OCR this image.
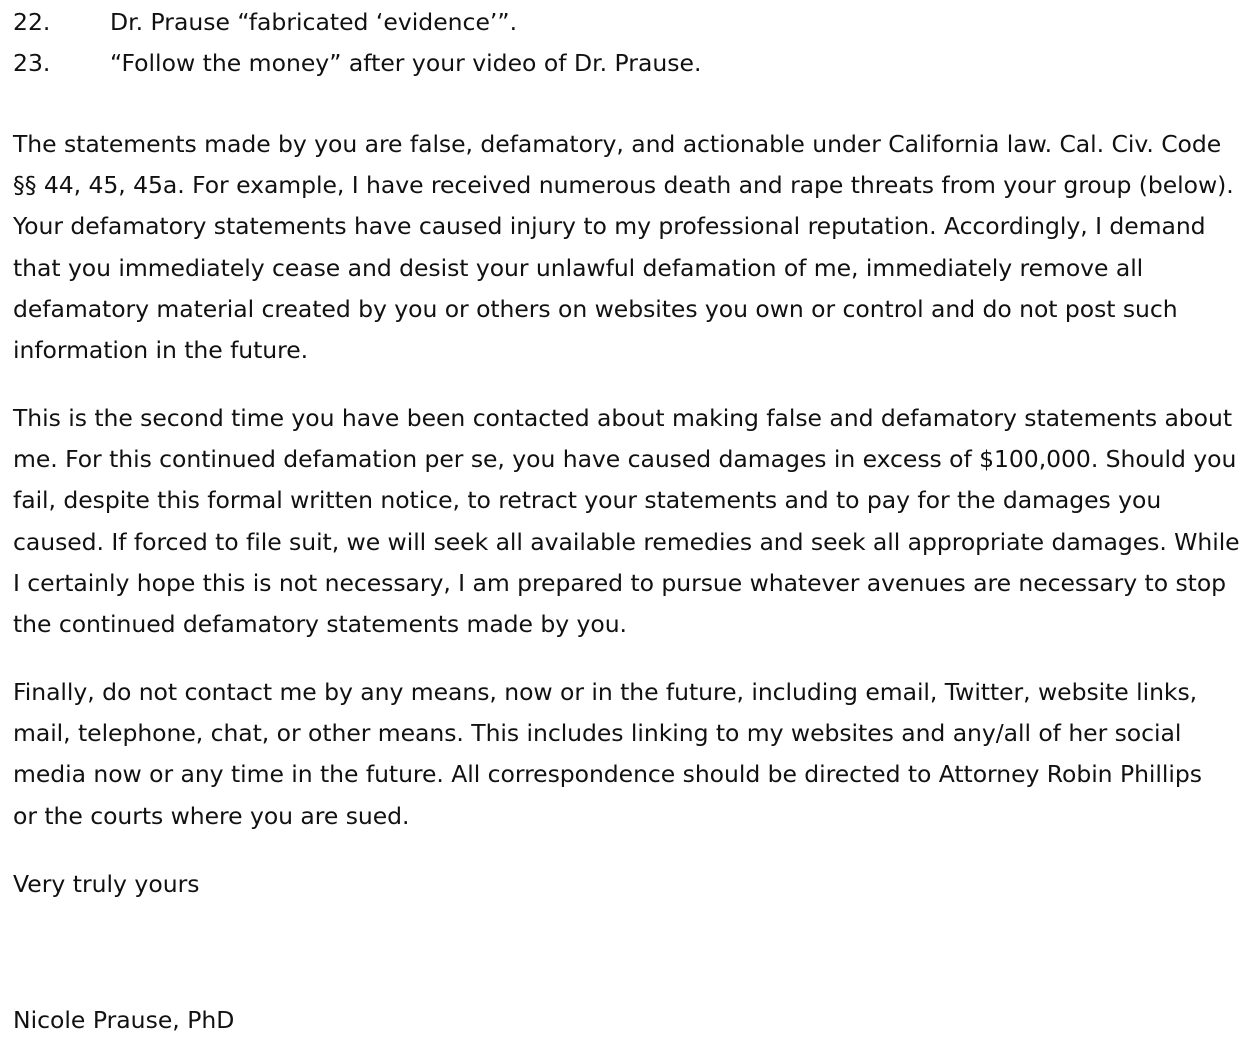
22.	Dr. Prause “fabricated ‘evidence’”.
23.	“Follow the money” after your video of Dr. Prause.
The statements made by you are false, defamatory, and actionable under California law. Cal. Civ. Code
§§ 44, 45, 45a. For example, I have received numerous death and rape threats from your group (below).
Your defamatory statements have caused injury to my professional reputation. Accordingly, I demand
that you immediately cease and desist your unlawful defamation of me, immediately remove all
defamatory material created by you or others on websites you own or control and do not post such
information in the future.
This is the second time you have been contacted about making false and defamatory statements about
me. For this continued defamation per se, you have caused damages in excess of $100,000. Should you
fail, despite this formal written notice, to retract your statements and to pay for the damages you
caused. If forced to file suit, we will seek all available remedies and seek all appropriate damages. While
I certainly hope this is not necessary, I am prepared to pursue whatever avenues are necessary to stop
the continued defamatory statements made by you.
Finally, do not contact me by any means, now or in the future, including email, Twitter, website links,
mail, telephone, chat, or other means. This includes linking to my websites and any/all of her social
media now or any time in the future. All correspondence should be directed to Attorney Robin Phillips
or the courts where you are sued.
Very truly yours
Nicole Prause, PhD
